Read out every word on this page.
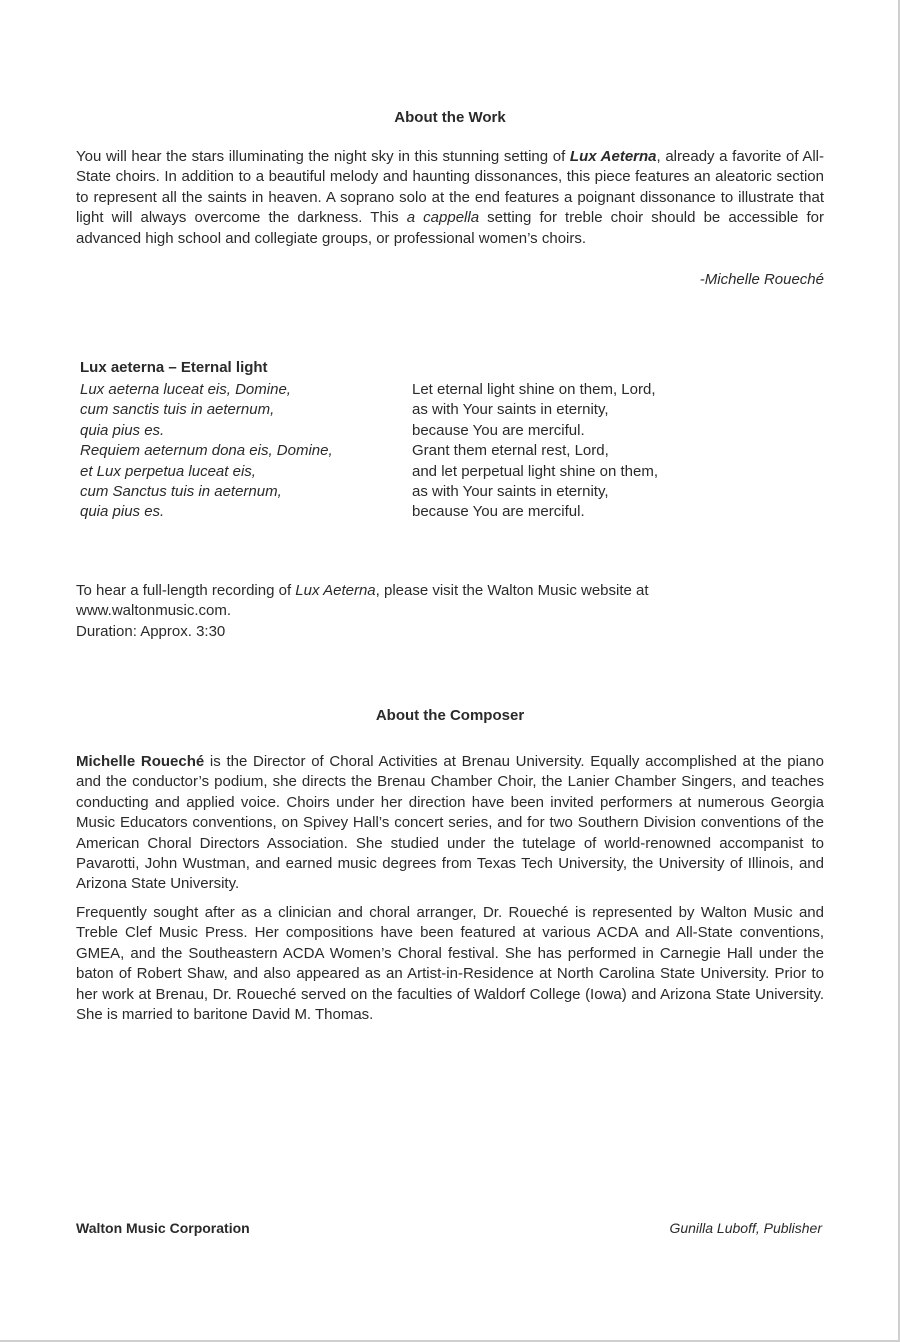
About the Work
You will hear the stars illuminating the night sky in this stunning setting of Lux Aeterna, already a favorite of All-State choirs. In addition to a beautiful melody and haunting dissonances, this piece features an aleatoric section to represent all the saints in heaven. A soprano solo at the end features a poignant dissonance to illustrate that light will always overcome the darkness. This a cappella setting for treble choir should be accessible for advanced high school and collegiate groups, or professional women’s choirs.
-Michelle Roueché
Lux aeterna – Eternal light
Lux aeterna luceat eis, Domine,
cum sanctis tuis in aeternum,
quia pius es.
Requiem aeternum dona eis, Domine,
et Lux perpetua luceat eis,
cum Sanctus tuis in aeternum,
quia pius es.
Let eternal light shine on them, Lord,
as with Your saints in eternity,
because You are merciful.
Grant them eternal rest, Lord,
and let perpetual light shine on them,
as with Your saints in eternity,
because You are merciful.
To hear a full-length recording of Lux Aeterna, please visit the Walton Music website at
www.waltonmusic.com.
Duration: Approx. 3:30
About the Composer
Michelle Roueché is the Director of Choral Activities at Brenau University. Equally accomplished at the piano and the conductor’s podium, she directs the Brenau Chamber Choir, the Lanier Chamber Singers, and teaches conducting and applied voice. Choirs under her direction have been invited performers at numerous Georgia Music Educators conventions, on Spivey Hall’s concert series, and for two Southern Division conventions of the American Choral Directors Association. She studied under the tutelage of world-renowned accompanist to Pavarotti, John Wustman, and earned music degrees from Texas Tech University, the University of Illinois, and Arizona State University.
Frequently sought after as a clinician and choral arranger, Dr. Roueché is represented by Walton Music and Treble Clef Music Press. Her compositions have been featured at various ACDA and All-State conventions, GMEA, and the Southeastern ACDA Women’s Choral festival. She has performed in Carnegie Hall under the baton of Robert Shaw, and also appeared as an Artist-in-Residence at North Carolina State University. Prior to her work at Brenau, Dr. Roueché served on the faculties of Waldorf College (Iowa) and Arizona State University. She is married to baritone David M. Thomas.
Walton Music Corporation	Gunilla Luboff, Publisher
